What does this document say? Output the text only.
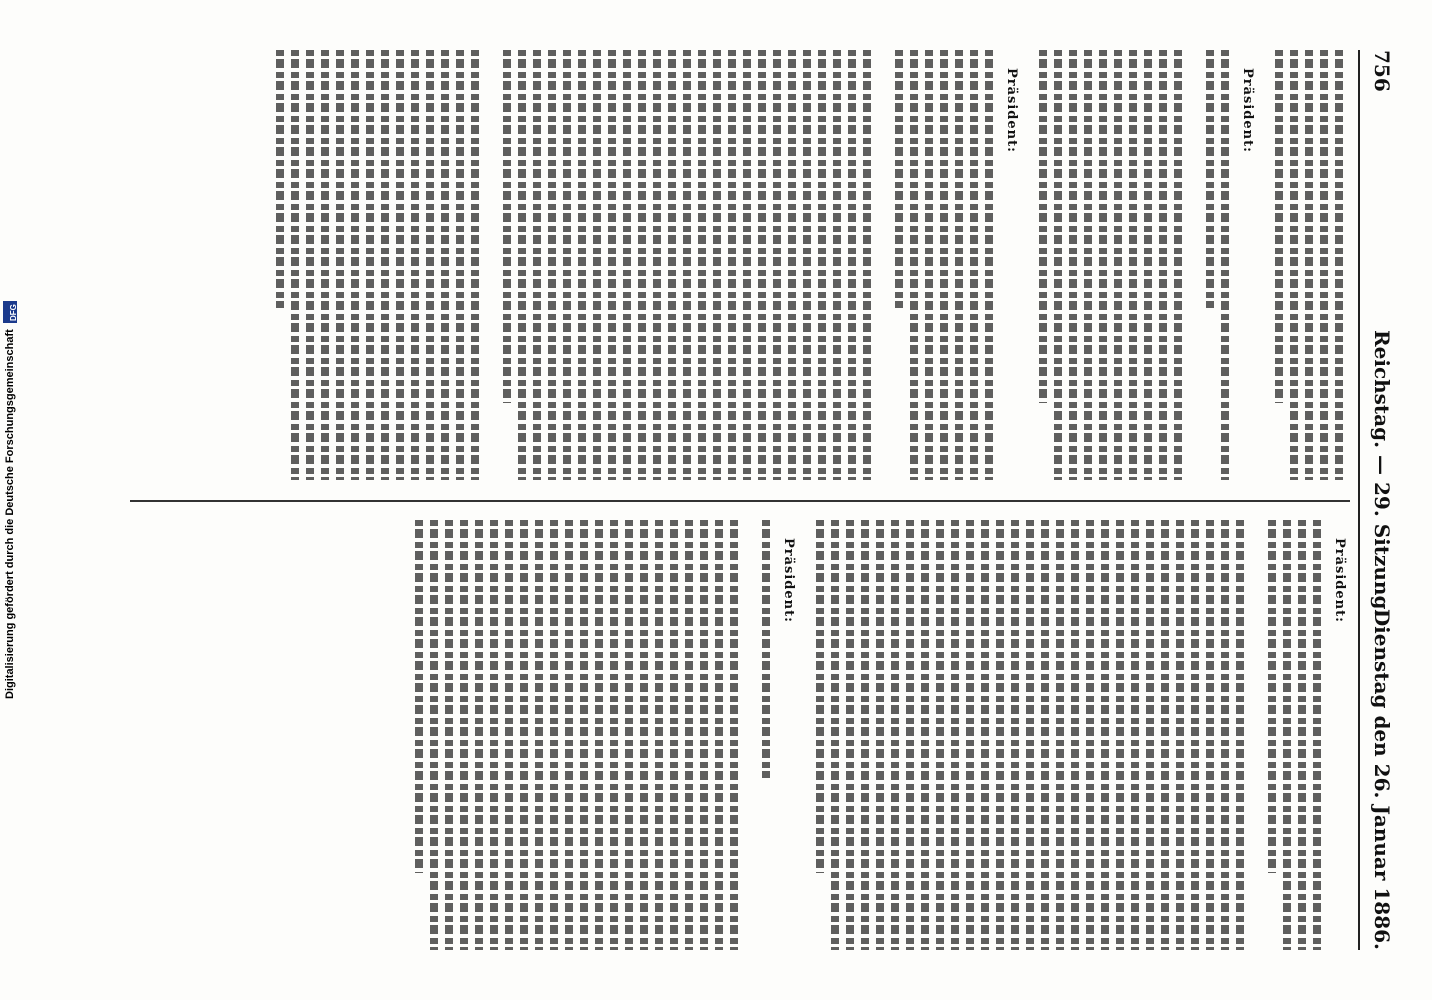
Digitalisierung gefördert durch die Deutsche Forschungsgemeinschaft
DFG
756
Reichstag. — 29. Sitzung.
Dienstag den 26. Januar 1886.

Präsident:

Präsident:

Präsident:

Präsident:
